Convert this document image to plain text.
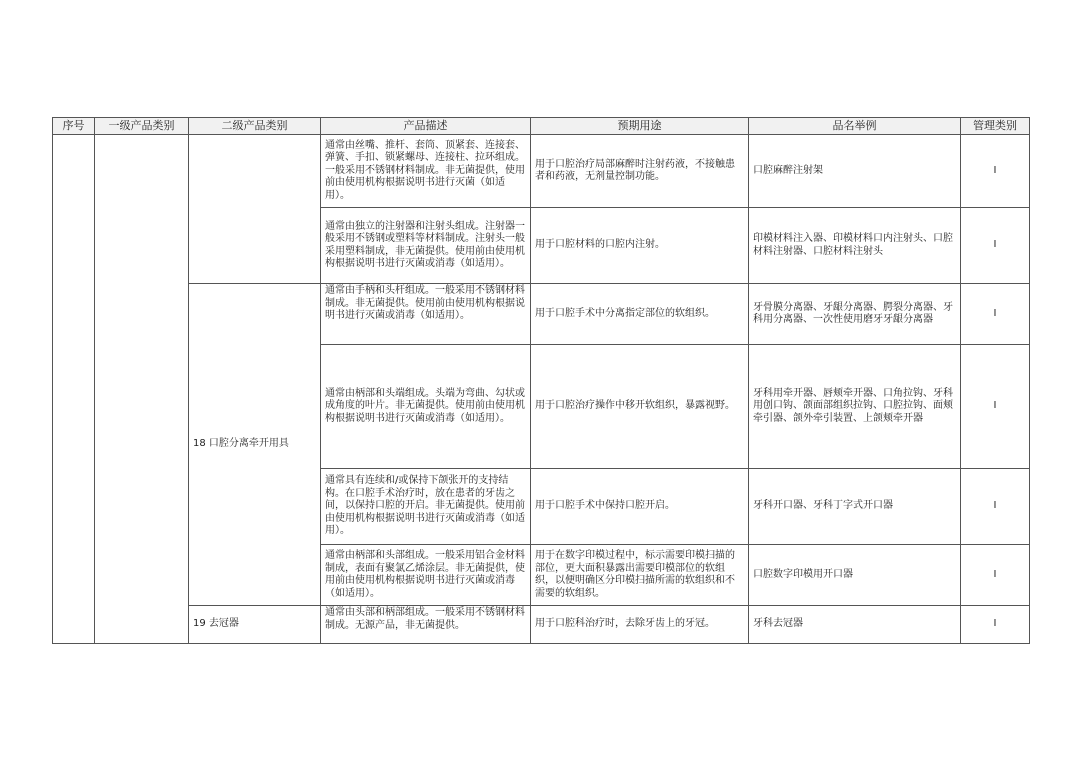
序号	一级产品类别	二级产品类别	产品描述	预期用途	品名举例	管理类别
			通常由丝嘴、推杆、套筒、顶紧套、连接套、弹簧、手扣、锁紧螺母、连接柱、拉环组成。一般采用不锈钢材料制成。非无菌提供，使用前由使用机构根据说明书进行灭菌（如适用）。	用于口腔治疗局部麻醉时注射药液，不接触患者和药液，无剂量控制功能。	口腔麻醉注射架	I
			通常由独立的注射器和注射头组成。注射器一般采用不锈钢或塑料等材料制成。注射头一般采用塑料制成，非无菌提供。使用前由使用机构根据说明书进行灭菌或消毒（如适用）。	用于口腔材料的口腔内注射。	印模材料注入器、印模材料口内注射头、口腔材料注射器、口腔材料注射头	I
		18 口腔分离牵开用具	通常由手柄和头杆组成。一般采用不锈钢材料制成。非无菌提供。使用前由使用机构根据说明书进行灭菌或消毒（如适用）。	用于口腔手术中分离指定部位的软组织。	牙骨膜分离器、牙龈分离器、腭裂分离器、牙科用分离器、一次性使用磨牙牙龈分离器	I
			通常由柄部和头端组成。头端为弯曲、勾状或成角度的叶片。非无菌提供。使用前由使用机构根据说明书进行灭菌或消毒（如适用）。	用于口腔治疗操作中移开软组织，暴露视野。	牙科用牵开器、唇颊牵开器、口角拉钩、牙科用创口钩、颌面部组织拉钩、口腔拉钩、面颊牵引器、颌外牵引装置、上颌颊牵开器	I
			通常具有连续和/或保持下颌张开的支持结构。在口腔手术治疗时，放在患者的牙齿之间，以保持口腔的开启。非无菌提供。使用前由使用机构根据说明书进行灭菌或消毒（如适用）。	用于口腔手术中保持口腔开启。	牙科开口器、牙科丁字式开口器	I
			通常由柄部和头部组成。一般采用铝合金材料制成，表面有聚氯乙烯涂层。非无菌提供，使用前由使用机构根据说明书进行灭菌或消毒（如适用）。	用于在数字印模过程中，标示需要印模扫描的部位，更大面积暴露出需要印模部位的软组织，以便明确区分印模扫描所需的软组织和不需要的软组织。	口腔数字印模用开口器	I
		19 去冠器	通常由头部和柄部组成。一般采用不锈钢材料制成。无源产品，非无菌提供。	用于口腔科治疗时，去除牙齿上的牙冠。	牙科去冠器	I
